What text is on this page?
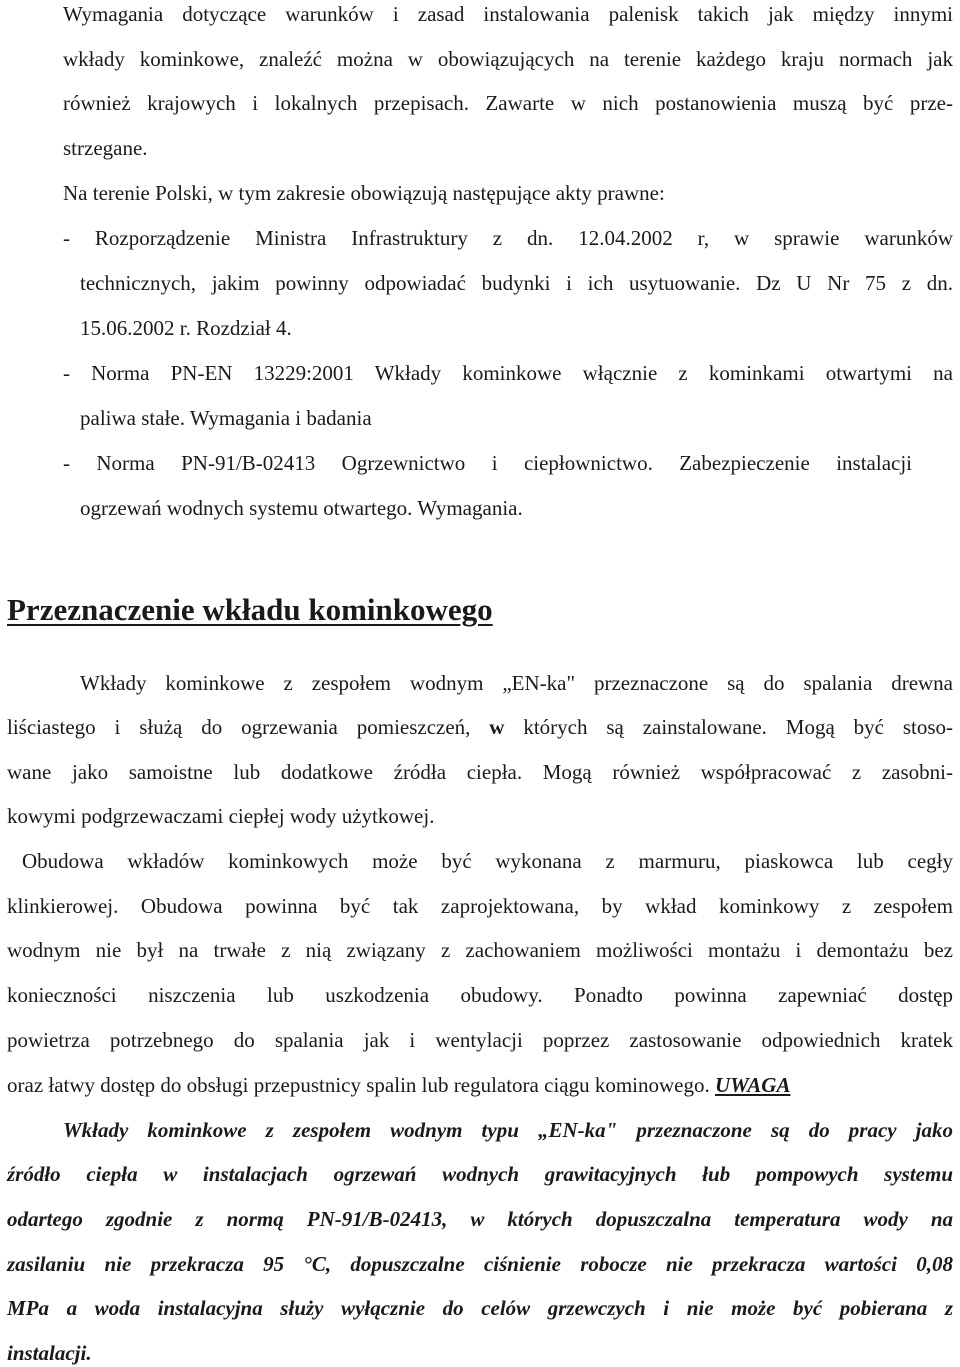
Wymagania dotyczące warunków i zasad instalowania palenisk takich jak między innymi
wkłady kominkowe, znaleźć można w obowiązujących na terenie każdego kraju normach jak
również krajowych i lokalnych przepisach. Zawarte w nich postanowienia muszą być prze-
strzegane.
Na terenie Polski, w tym zakresie obowiązują następujące akty prawne:
- Rozporządzenie Ministra Infrastruktury z dn. 12.04.2002 r, w sprawie warunków
technicznych, jakim powinny odpowiadać budynki i ich usytuowanie. Dz U Nr 75 z dn.
15.06.2002 r. Rozdział 4.
- Norma PN-EN 13229:2001 Wkłady kominkowe włącznie z kominkami otwartymi na
paliwa stałe. Wymagania i badania
- Norma PN-91/B-02413 Ogrzewnictwo i ciepłownictwo. Zabezpieczenie instalacji
ogrzewań wodnych systemu otwartego. Wymagania.
Przeznaczenie wkładu kominkowego
Wkłady kominkowe z zespołem wodnym „EN-ka" przeznaczone są do spalania drewna
liściastego i służą do ogrzewania pomieszczeń, w których są zainstalowane. Mogą być stoso-
wane jako samoistne lub dodatkowe źródła ciepła. Mogą również współpracować z zasobni-
kowymi podgrzewaczami ciepłej wody użytkowej.
Obudowa wkładów kominkowych może być wykonana z marmuru, piaskowca lub cegły
klinkierowej. Obudowa powinna być tak zaprojektowana, by wkład kominkowy z zespołem
wodnym nie był na trwałe z nią związany z zachowaniem możliwości montażu i demontażu bez
konieczności niszczenia lub uszkodzenia obudowy. Ponadto powinna zapewniać dostęp
powietrza potrzebnego do spalania jak i wentylacji poprzez zastosowanie odpowiednich kratek
oraz łatwy dostęp do obsługi przepustnicy spalin lub regulatora ciągu kominowego. UWAGA
Wkłady kominkowe z zespołem wodnym typu „EN-ka" przeznaczone są do pracy jako
źródło ciepła w instalacjach ogrzewań wodnych grawitacyjnych łub pompowych systemu
odartego zgodnie z normą PN-91/B-02413, w których dopuszczalna temperatura wody na
zasilaniu nie przekracza 95 °C, dopuszczalne ciśnienie robocze nie przekracza wartości 0,08
MPa a woda instalacyjna służy wyłącznie do celów grzewczych i nie może być pobierana z
instalacji.
